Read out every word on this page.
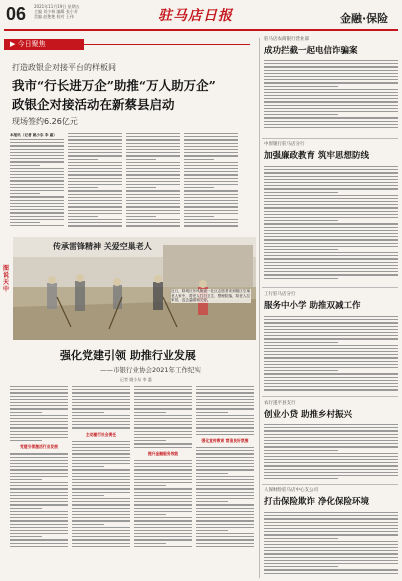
06 2021年11月19日 星期五
主编 刘少林 编辑 张小芳
美编 赵艳艳 校对 王伟	驻马店日报	金融·保险
▶ 今日聚焦
打造政银企对接平台的样板间
我市“行长进万企”助推“万人助万企”
政银企对接活动在新蔡县启动
现场签约6.26亿元
本报讯（记者 姚小东 李 惠）
传承雷锋精神 关爱空巢老人
近日，驿城区东风街道一社区志愿者来到辖区空巢老人家中，帮老人打扫卫生、整理院落，陪老人拉家常，送去温暖和关爱。
图说天中
强化党建引领 助推行业发展
——市银行业协会2021年工作纪实
记者 姚小东 李 惠
党建引领激活行业发展
主动履行社会责任
提升金融服务效能
强化宣传教育 营造良好氛围
驻马店农商银行营业部
成功拦截一起电信诈骗案
中原银行驻马店分行
加强廉政教育 筑牢思想防线
工行驻马店分行
服务中小学 助推双减工作
农行遂平县支行
创业小贷 助推乡村振兴
人保财险驻马店中心支公司
打击保险欺诈 净化保险环境
